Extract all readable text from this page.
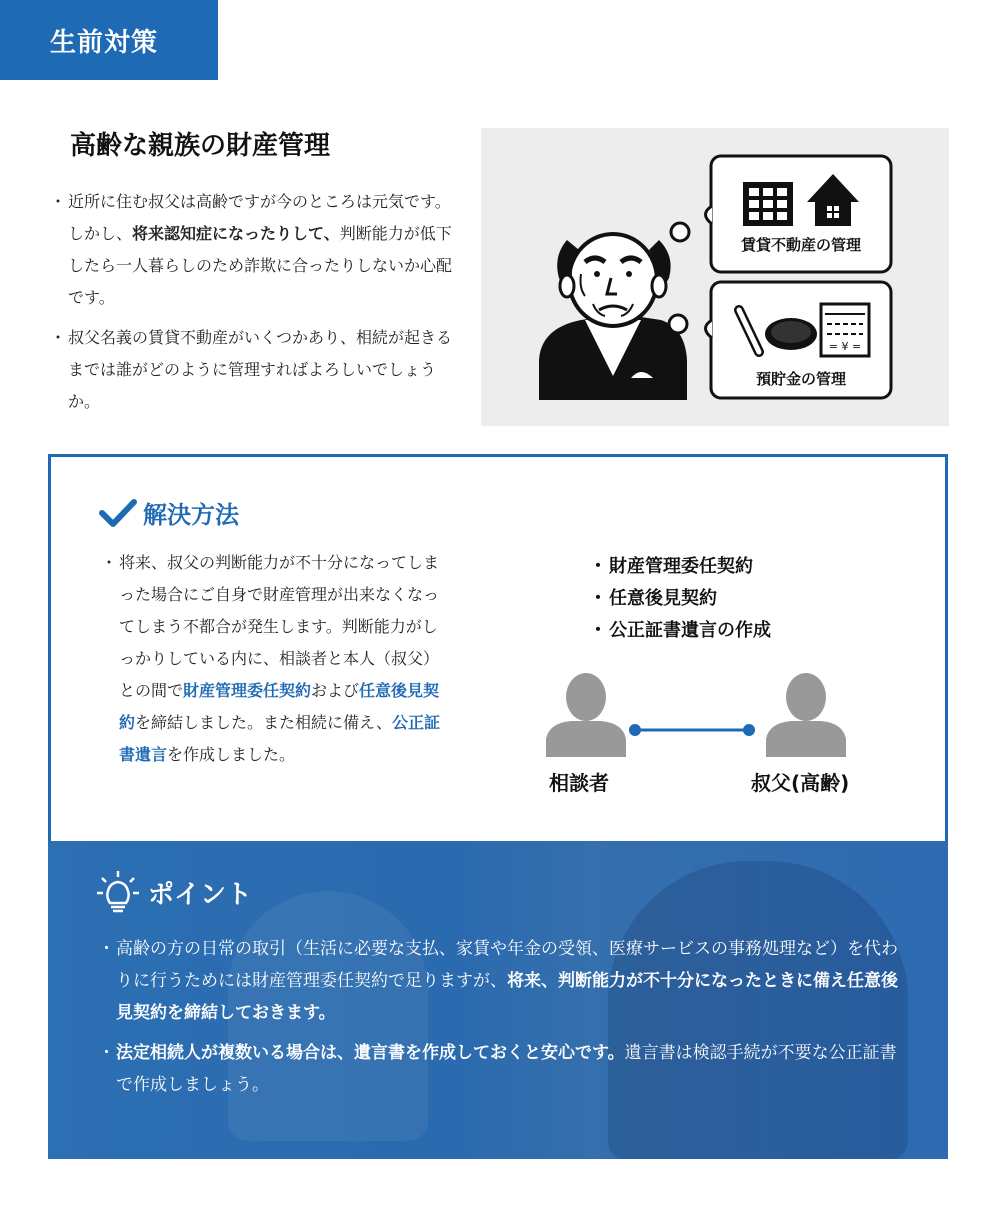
生前対策
高齢な親族の財産管理

・ 近所に住む叔父は高齢ですが今のところは元気です。しかし、将来認知症になったりして、判断能力が低下したら一人暮らしのため詐欺に合ったりしないか心配です。

・ 叔父名義の賃貸不動産がいくつかあり、相続が起きるまでは誰がどのように管理すればよろしいでしょうか。

賃貸不動産の管理
= ¥ =
預貯金の管理
解決方法

・ 将来、叔父の判断能力が不十分になってしまった場合にご自身で財産管理が出来なくなってしまう不都合が発生します。判断能力がしっかりしている内に、相談者と本人（叔父）との間で財産管理委任契約および任意後見契約を締結しました。また相続に備え、公正証書遺言を作成しました。

・ 財産管理委任契約
・ 任意後見契約
・ 公正証書遺言の作成
相談者	叔父(高齢)
ポイント

・ 高齢の方の日常の取引（生活に必要な支払、家賃や年金の受領、医療サービスの事務処理など）を代わりに行うためには財産管理委任契約で足りますが、将来、判断能力が不十分になったときに備え任意後見契約を締結しておきます。

・ 法定相続人が複数いる場合は、遺言書を作成しておくと安心です。遺言書は検認手続が不要な公正証書で作成しましょう。
